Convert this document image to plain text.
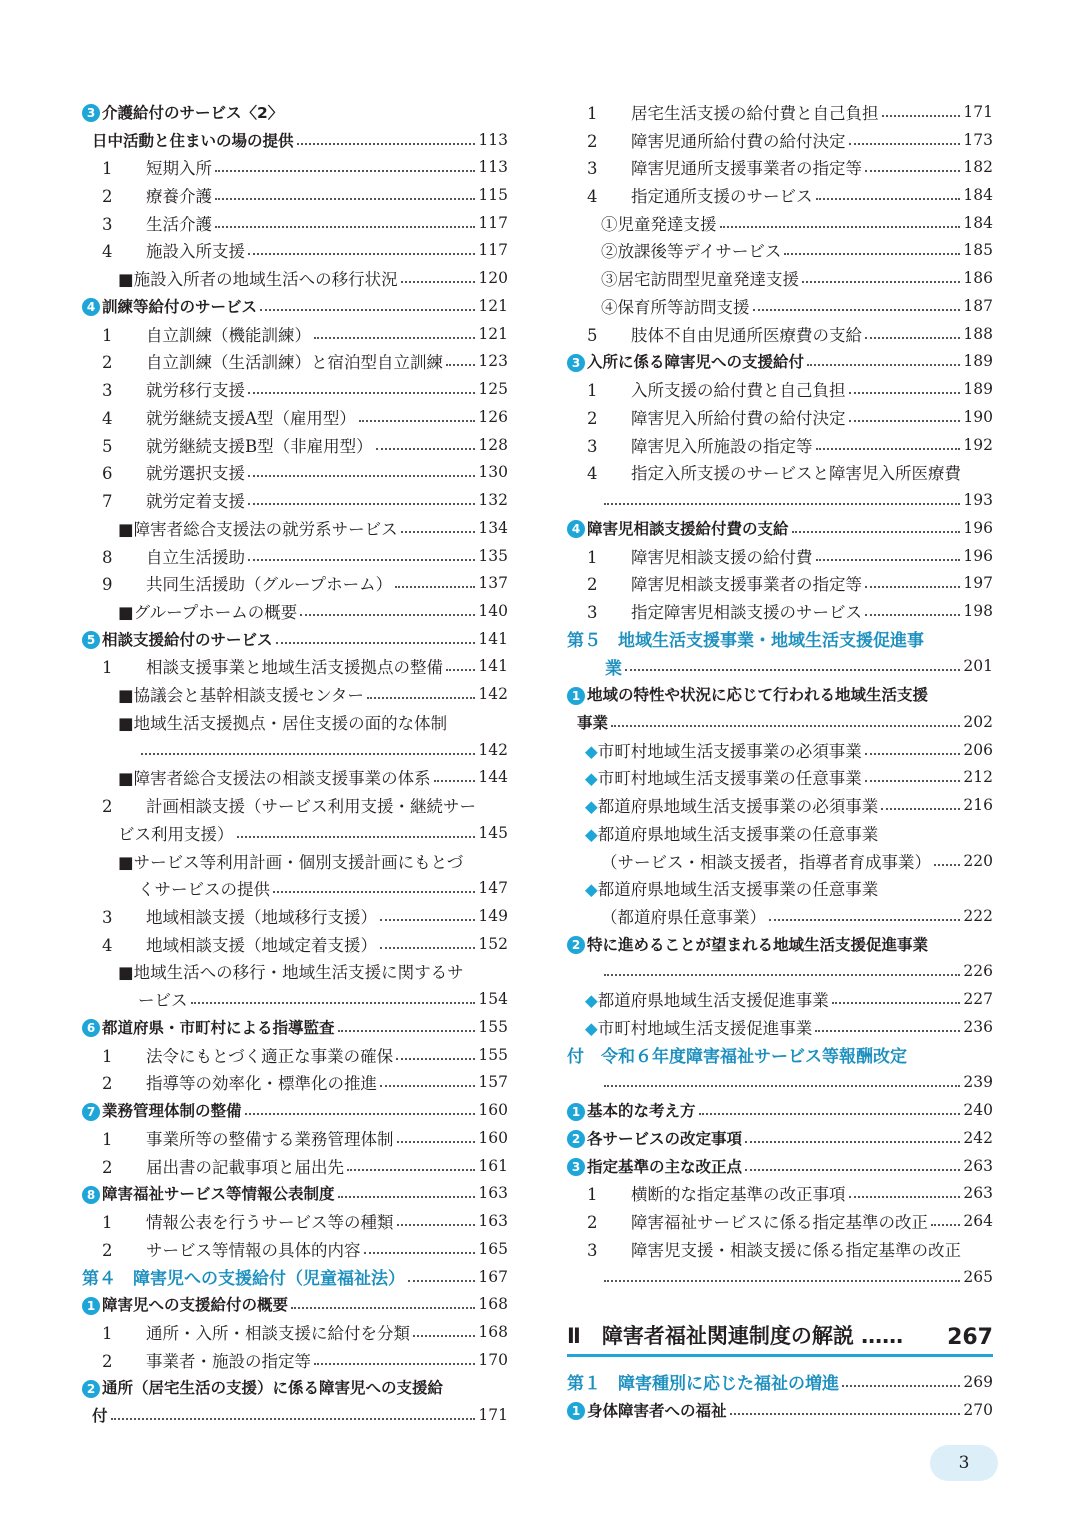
3 介護給付のサービス〈2〉
日中活動と住まいの場の提供	113
1 短期入所	113
2 療養介護	115
3 生活介護	117
4 施設入所支援	117
■施設入所者の地域生活への移行状況	120
4 訓練等給付のサービス	121
1 自立訓練（機能訓練）	121
2 自立訓練（生活訓練）と宿泊型自立訓練 123
3 就労移行支援	125
4 就労継続支援A型（雇用型）	126
5 就労継続支援B型（非雇用型）	128
6 就労選択支援	130
7 就労定着支援	132
■障害者総合支援法の就労系サービス	134
8 自立生活援助	135
9 共同生活援助（グループホーム）	137
■グループホームの概要	140
5 相談支援給付のサービス	141
1 相談支援事業と地域生活支援拠点の整備 141
■協議会と基幹相談支援センター	142
■地域生活支援拠点・居住支援の面的な体制
142
■障害者総合支援法の相談支援事業の体系	144
2 計画相談支援（サービス利用支援・継続サー
ビス利用支援）	145
■サービス等利用計画・個別支援計画にもとづ
くサービスの提供	147
3 地域相談支援（地域移行支援）	149
4 地域相談支援（地域定着支援）	152
■地域生活への移行・地域生活支援に関するサ
ービス	154
6 都道府県・市町村による指導監査	155
1 法令にもとづく適正な事業の確保	155
2 指導等の効率化・標準化の推進	157
7 業務管理体制の整備	160
1 事業所等の整備する業務管理体制	160
2 届出書の記載事項と届出先	161
8 障害福祉サービス等情報公表制度	163
1 情報公表を行うサービス等の種類	163
2 サービス等情報の具体的内容	165
第４　障害児への支援給付（児童福祉法）	167
1 障害児への支援給付の概要	168
1 通所・入所・相談支援に給付を分類	168
2 事業者・施設の指定等	170
2 通所（居宅生活の支援）に係る障害児への支援給
付	171
1 居宅生活支援の給付費と自己負担	171
2 障害児通所給付費の給付決定	173
3 障害児通所支援事業者の指定等	182
4 指定通所支援のサービス	184
①児童発達支援	184
②放課後等デイサービス	185
③居宅訪問型児童発達支援	186
④保育所等訪問支援	187
5 肢体不自由児通所医療費の支給	188
3 入所に係る障害児への支援給付	189
1 入所支援の給付費と自己負担	189
2 障害児入所給付費の給付決定	190
3 障害児入所施設の指定等	192
4 指定入所支援のサービスと障害児入所医療費
193
4 障害児相談支援給付費の支給	196
1 障害児相談支援の給付費	196
2 障害児相談支援事業者の指定等	197
3 指定障害児相談支援のサービス	198
第５　地域生活支援事業・地域生活支援促進事
業	201
1 地域の特性や状況に応じて行われる地域生活支援
事業	202
◆市町村地域生活支援事業の必須事業	206
◆市町村地域生活支援事業の任意事業	212
◆都道府県地域生活支援事業の必須事業	216
◆都道府県地域生活支援事業の任意事業
（サービス・相談支援者，指導者育成事業） 220
◆都道府県地域生活支援事業の任意事業
（都道府県任意事業）	222
2 特に進めることが望まれる地域生活支援促進事業
226
◆都道府県地域生活支援促進事業	227
◆市町村地域生活支援促進事業	236
付　令和６年度障害福祉サービス等報酬改定
239
1 基本的な考え方	240
2 各サービスの改定事項	242
3 指定基準の主な改正点	263
1 横断的な指定基準の改正事項	263
2 障害福祉サービスに係る指定基準の改正 264
3 障害児支援・相談支援に係る指定基準の改正
265
Ⅱ　障害者福祉関連制度の解説 …… 267
第１　障害種別に応じた福祉の増進	269
1 身体障害者への福祉	270
3
